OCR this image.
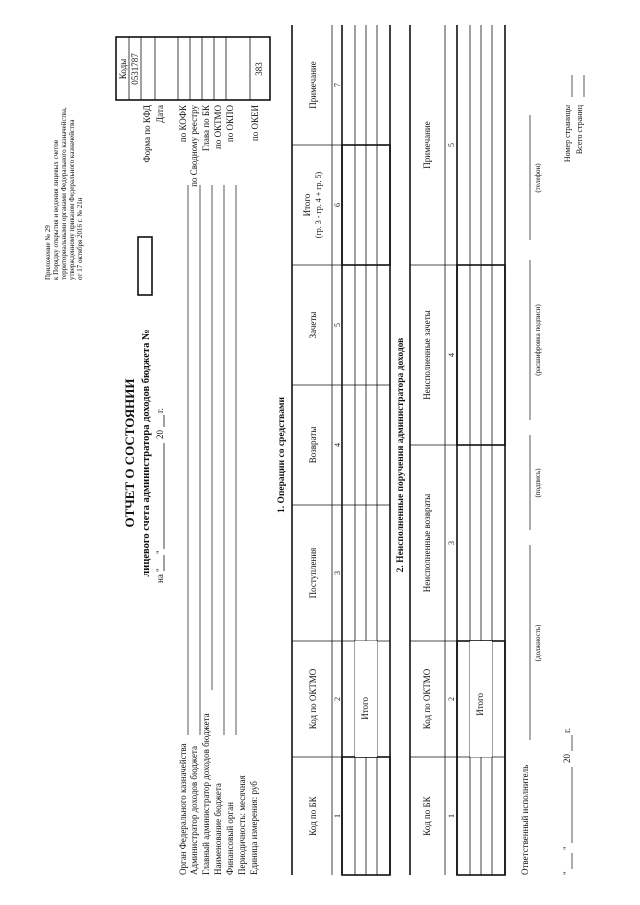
Приложение № 29 к Порядку открытия и ведения лицевых счетов территориальными органами Федерального казначейства, утвержденному приказом Федерального казначейства от 17 октября 2016 г. № 21н
ОТЧЕТ О СОСТОЯНИИ лицевого счета администратора доходов бюджета № на "
"
20
г.
Орган Федерального казначейства Администратор доходов бюджета Главный администратор доходов бюджета Наименование бюджета Финансовый орган Периодичность: месячная Единица измерения: руб
Форма по КФД Дата по КОФК по Сводному реестру Глава по БК по ОКТМО по ОКПО по ОКЕИ
Коды 0531787	383
1. Операции со средствами
Итого
Код по БК
Код по ОКТМО
Поступления
Возвраты
Зачеты
Итого (гр. 3 - гр. 4 + гр. 5)
Примечание
1
2
3
4
5
6
7
2. Неисполненные поручения администратора доходов
Итого
Код по БК
Код по ОКТМО
Неисполненные возвраты
Неисполненные зачеты
Примечание
1
2
3
4
5
Ответственный исполнитель
(должность)
(подпись)
(расшифровка подписи)
(телефон)
"
"
20
г.
Номер страницы Всего страниц
